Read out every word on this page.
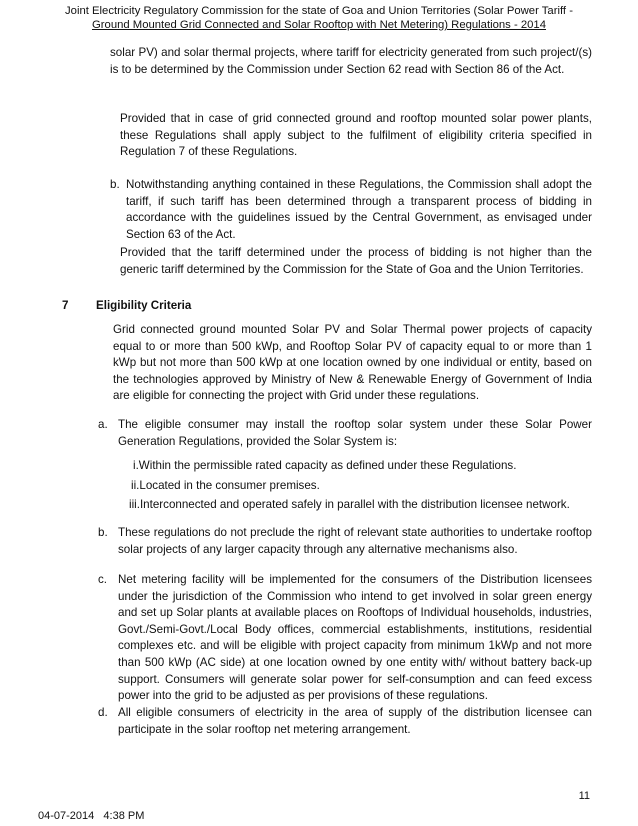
Joint Electricity Regulatory Commission for the state of Goa and Union Territories (Solar Power Tariff -
Ground Mounted Grid Connected and Solar Rooftop with Net Metering) Regulations - 2014

solar PV) and solar thermal projects, where tariff for electricity generated from such project/(s) is to be determined by the Commission under Section 62 read with Section 86 of the Act.

Provided that in case of grid connected ground and rooftop mounted solar power plants, these Regulations shall apply subject to the fulfilment of eligibility criteria specified in Regulation 7 of these Regulations.

b. Notwithstanding anything contained in these Regulations, the Commission shall adopt the tariff, if such tariff has been determined through a transparent process of bidding in accordance with the guidelines issued by the Central Government, as envisaged under Section 63 of the Act.

Provided that the tariff determined under the process of bidding is not higher than the generic tariff determined by the Commission for the State of Goa and the Union Territories.

7 Eligibility Criteria

Grid connected ground mounted Solar PV and Solar Thermal power projects of capacity equal to or more than 500 kWp, and Rooftop Solar PV of capacity equal to or more than 1 kWp but not more than 500 kWp at one location owned by one individual or entity, based on the technologies approved by Ministry of New & Renewable Energy of Government of India are eligible for connecting the project with Grid under these regulations.

a. The eligible consumer may install the rooftop solar system under these Solar Power Generation Regulations, provided the Solar System is:

i.Within the permissible rated capacity as defined under these Regulations.
ii.Located in the consumer premises.
iii.Interconnected and operated safely in parallel with the distribution licensee network.
b. These regulations do not preclude the right of relevant state authorities to undertake rooftop solar projects of any larger capacity through any alternative mechanisms also.

c. Net metering facility will be implemented for the consumers of the Distribution licensees under the jurisdiction of the Commission who intend to get involved in solar green energy and set up Solar plants at available places on Rooftops of Individual households, industries, Govt./Semi-Govt./Local Body offices, commercial establishments, institutions, residential complexes etc. and will be eligible with project capacity from minimum 1kWp and not more than 500 kWp (AC side) at one location owned by one entity with/ without battery back-up support. Consumers will generate solar power for self-consumption and can feed excess power into the grid to be adjusted as per provisions of these regulations.

d. All eligible consumers of electricity in the area of supply of the distribution licensee can participate in the solar rooftop net metering arrangement.

11
04-07-2014   4:38 PM
